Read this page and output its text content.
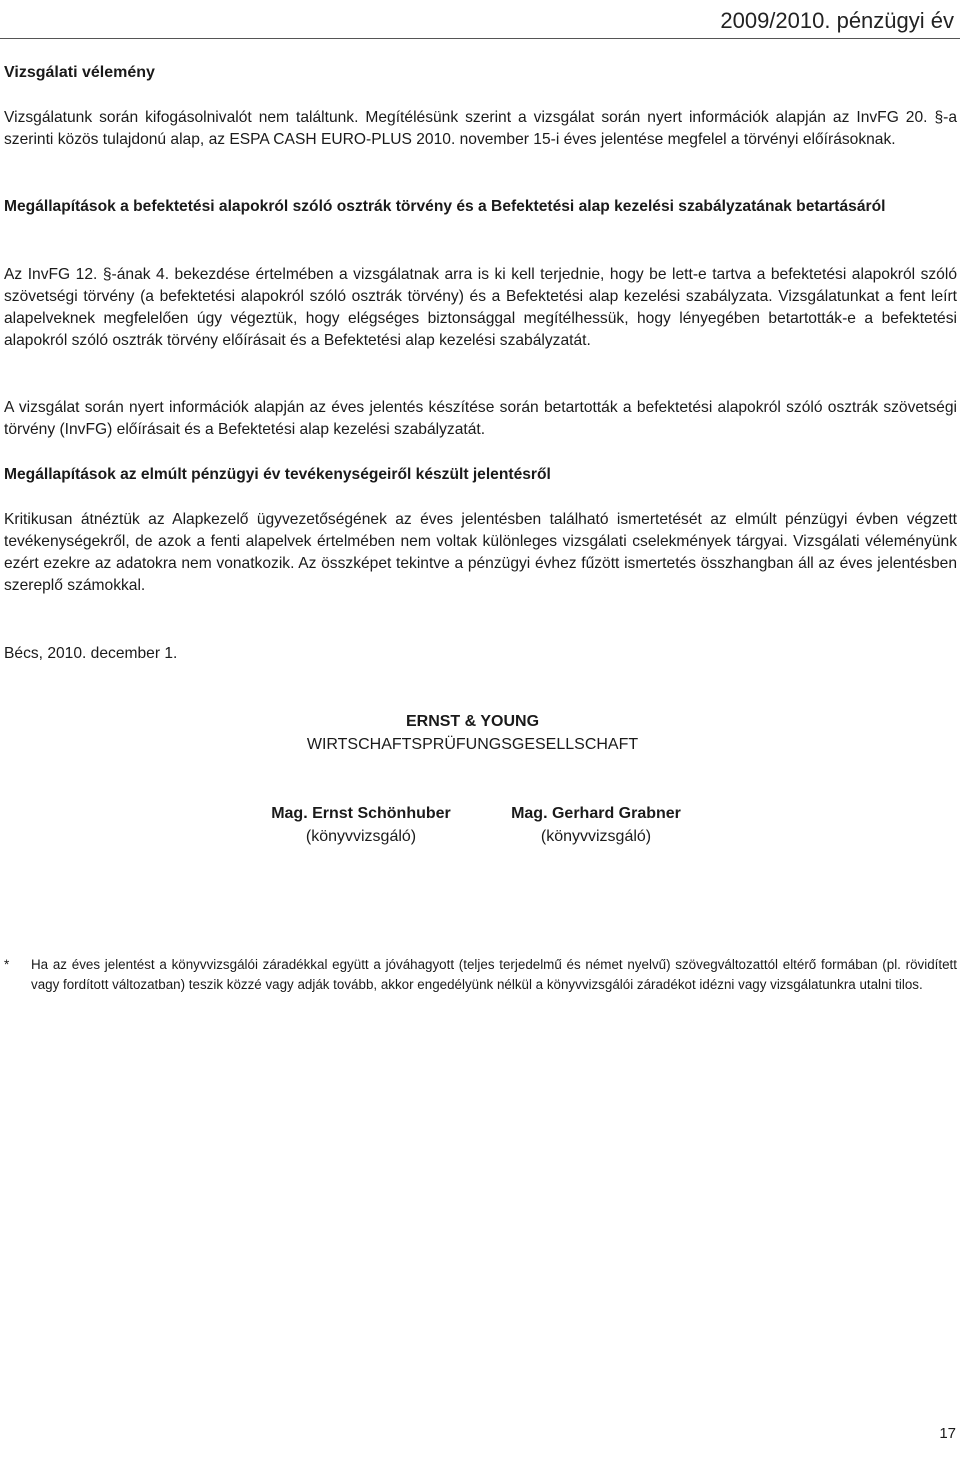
2009/2010. pénzügyi év
Vizsgálati vélemény

Vizsgálatunk során kifogásolnivalót nem találtunk. Megítélésünk szerint a vizsgálat során nyert információk alapján az InvFG 20. §-a szerinti közös tulajdonú alap, az ESPA CASH EURO-PLUS 2010. november 15-i éves jelentése megfelel a törvényi előírásoknak.

Megállapítások a befektetési alapokról szóló osztrák törvény és a Befektetési alap kezelési szabályzatának betartásáról

Az InvFG 12. §-ának 4. bekezdése értelmében a vizsgálatnak arra is ki kell terjednie, hogy be lett-e tartva a befektetési alapokról szóló szövetségi törvény (a befektetési alapokról szóló osztrák törvény) és a Befektetési alap kezelési szabályzata. Vizsgálatunkat a fent leírt alapelveknek megfelelően úgy végeztük, hogy elégséges biztonsággal megítélhessük, hogy lényegében betartották-e a befektetési alapokról szóló osztrák törvény előírásait és a Befektetési alap kezelési szabályzatát.

A vizsgálat során nyert információk alapján az éves jelentés készítése során betartották a befektetési alapokról szóló osztrák szövetségi törvény (InvFG) előírásait és a Befektetési alap kezelési szabályzatát.

Megállapítások az elmúlt pénzügyi év tevékenységeiről készült jelentésről

Kritikusan átnéztük az Alapkezelő ügyvezetőségének az éves jelentésben található ismertetését az elmúlt pénzügyi évben végzett tevékenységekről, de azok a fenti alapelvek értelmében nem voltak különleges vizsgálati cselekmények tárgyai. Vizsgálati véleményünk ezért ezekre az adatokra nem vonatkozik. Az összképet tekintve a pénzügyi évhez fűzött ismertetés összhangban áll az éves jelentésben szereplő számokkal.

Bécs, 2010. december 1.
ERNST & YOUNG
WIRTSCHAFTSPRÜFUNGSGESELLSCHAFT
Mag. Ernst Schönhuber
(könyvvizsgáló)
Mag. Gerhard Grabner
(könyvvizsgáló)
* Ha az éves jelentést a könyvvizsgálói záradékkal együtt a jóváhagyott (teljes terjedelmű és német nyelvű) szövegváltozattól eltérő formában (pl. rövidített vagy fordított változatban) teszik közzé vagy adják tovább, akkor engedélyünk nélkül a könyvvizsgálói záradékot idézni vagy vizsgálatunkra utalni tilos.
17
